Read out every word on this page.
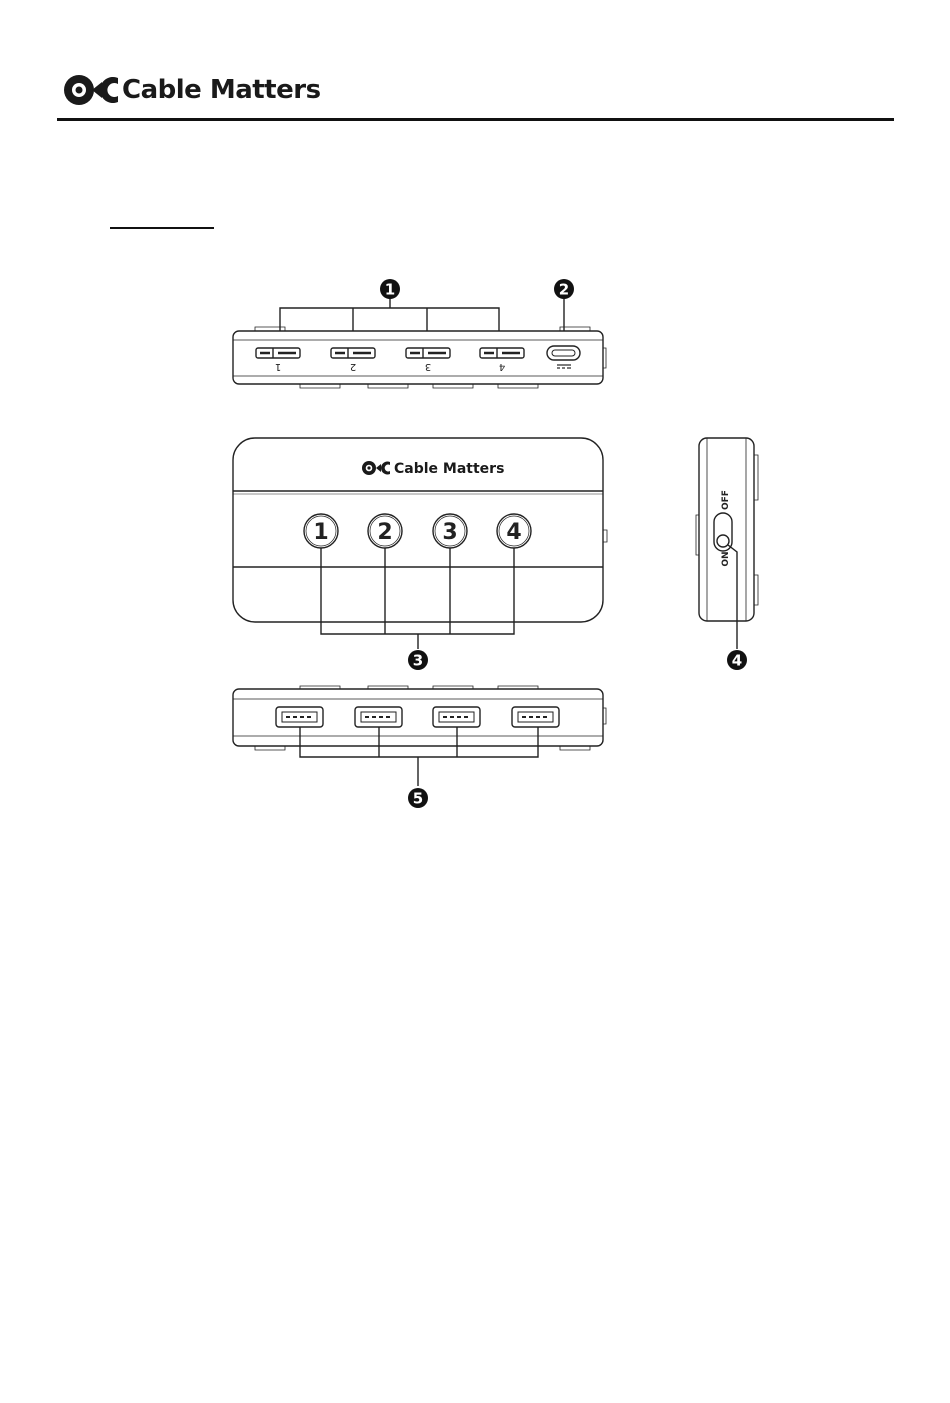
Cable Matters
Cable Matters
1 2 3 4
1	2	3	4
OFF
ON
1	2
3	4
5
